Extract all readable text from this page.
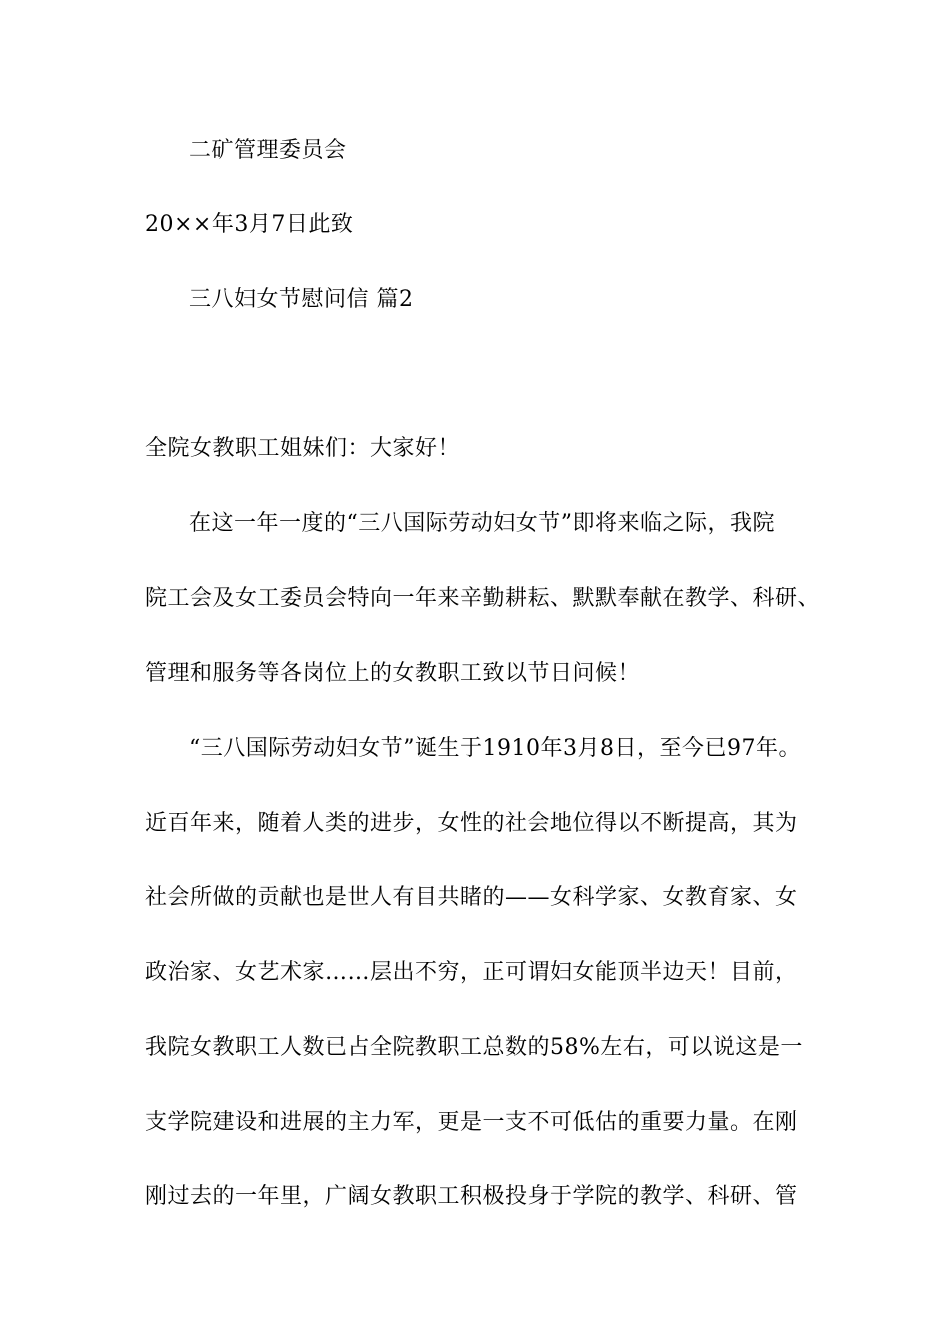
二矿管理委员会
20××年3月7日此致
三八妇女节慰问信 篇2
全院女教职工姐妹们：大家好！
在这一年一度的“三八国际劳动妇女节”即将来临之际，我院
院工会及女工委员会特向一年来辛勤耕耘、默默奉献在教学、科研、
管理和服务等各岗位上的女教职工致以节日问候！
“三八国际劳动妇女节”诞生于1910年3月8日，至今已97年。
近百年来，随着人类的进步，女性的社会地位得以不断提高，其为
社会所做的贡献也是世人有目共睹的——女科学家、女教育家、女
政治家、女艺术家……层出不穷，正可谓妇女能顶半边天！目前，
我院女教职工人数已占全院教职工总数的58%左右，可以说这是一
支学院建设和进展的主力军，更是一支不可低估的重要力量。在刚
刚过去的一年里，广阔女教职工积极投身于学院的教学、科研、管
